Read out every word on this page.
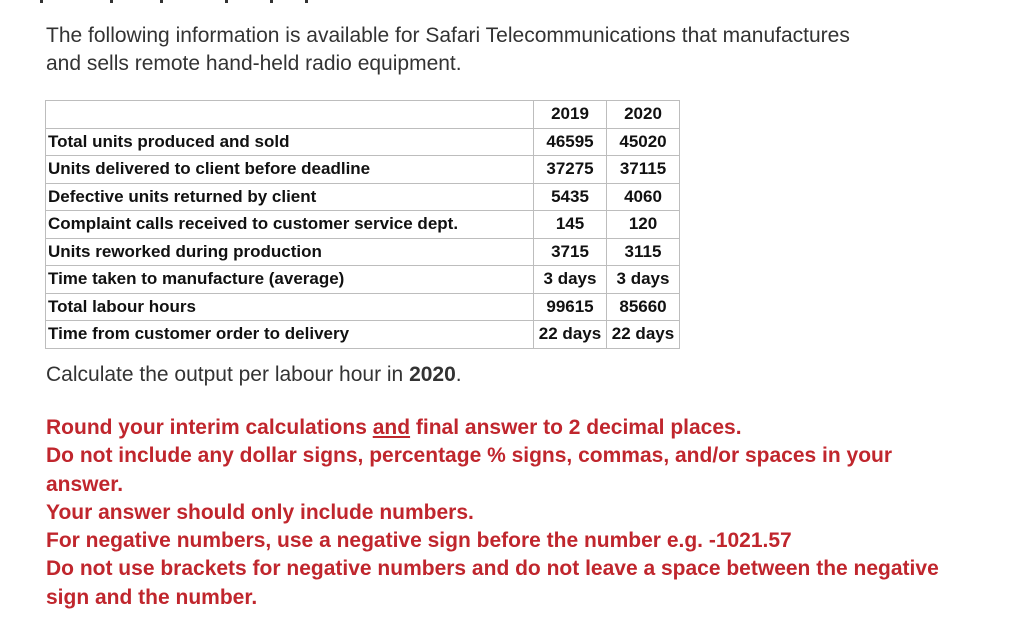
The following information is available for Safari Telecommunications that manufactures and sells remote hand-held radio equipment.
	2019	2020
Total units produced and sold	46595	45020
Units delivered to client before deadline	37275	37115
Defective units returned by client	5435	4060
Complaint calls received to customer service dept.	145	120
Units reworked during production	3715	3115
Time taken to manufacture (average)	3 days	3 days
Total labour hours	99615	85660
Time from customer order to delivery	22 days	22 days
Calculate the output per labour hour in 2020.

Round your interim calculations and final answer to 2 decimal places.

Do not include any dollar signs, percentage % signs, commas, and/or spaces in your answer.

Your answer should only include numbers.

For negative numbers, use a negative sign before the number e.g. -1021.57

Do not use brackets for negative numbers and do not leave a space between the negative sign and the number.
